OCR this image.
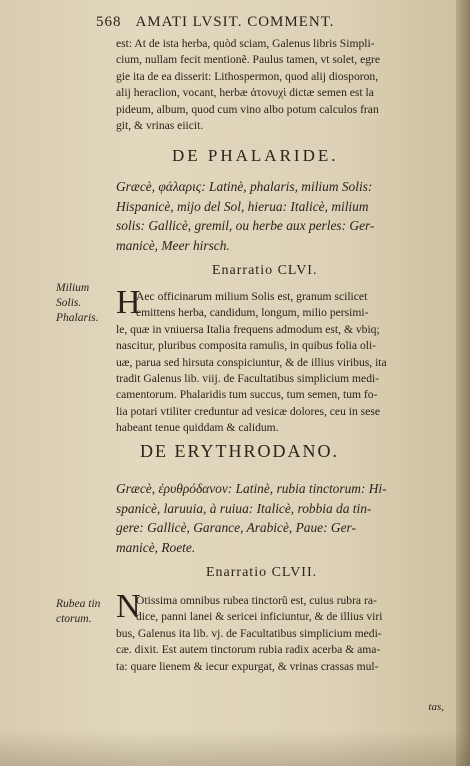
568 AMATI LVSIT. COMMENT.
est: At de ista herba, quòd sciam, Galenus libris Simpli-
cium, nullam fecit mentionẽ. Paulus tamen, vt solet, egre
gie ita de ea disserit: Lithospermon, quod alij diosporon,
alij heraclion, vocant, herbæ ἀτονυχὶ dictæ semen est la
pideum, album, quod cum vino albo potum calculos fran
git, & vrinas eiicit.
DE PHALARIDE.
Græcè, φάλαρις: Latinè, phalaris, milium Solis:
Hispanicè, mijo del Sol, hierua: Italicè, milium
solis: Gallicè, gremil, ou herbe aux perles: Ger-
manicè, Meer hirsch.
Enarratio CLVI.
Milium
Solis.
Phalaris. H
Aec officinarum milium Solis est, granum scilicet
emittens herba, candidum, longum, milio persimi-
le, quæ in vniuersa Italia frequens admodum est, & vbiq;
nascitur, pluribus composita ramulis, in quibus folia oli-
uæ, parua sed hirsuta conspiciuntur, & de illius viribus, ita
tradit Galenus lib. viij. de Facultatibus simplicium medi-
camentorum. Phalaridis tum succus, tum semen, tum fo-
lia potari vtiliter creduntur ad vesicæ dolores, ceu in sese
habeant tenue quiddam & calidum.
DE ERYTHRODANO.
Græcè, ἐρυθρόδανον: Latinè, rubia tinctorum: Hi-
spanicè, laruuia, à ruiua: Italicè, robbia da tin-
gere: Gallicè, Garance, Arabicè, Paue: Ger-
manicè, Roete.
Enarratio CLVII.
Rubea tin
ctorum. N
Otissima omnibus rubea tinctorũ est, cuius rubra ra-
dice, panni lanei & sericei inficiuntur, & de illius viri
bus, Galenus ita lib. vj. de Facultatibus simplicium medi-
cæ. dixit. Est autem tinctorum rubia radix acerba & ama-
ta: quare lienem & iecur expurgat, & vrinas crassas mul-
tas,
